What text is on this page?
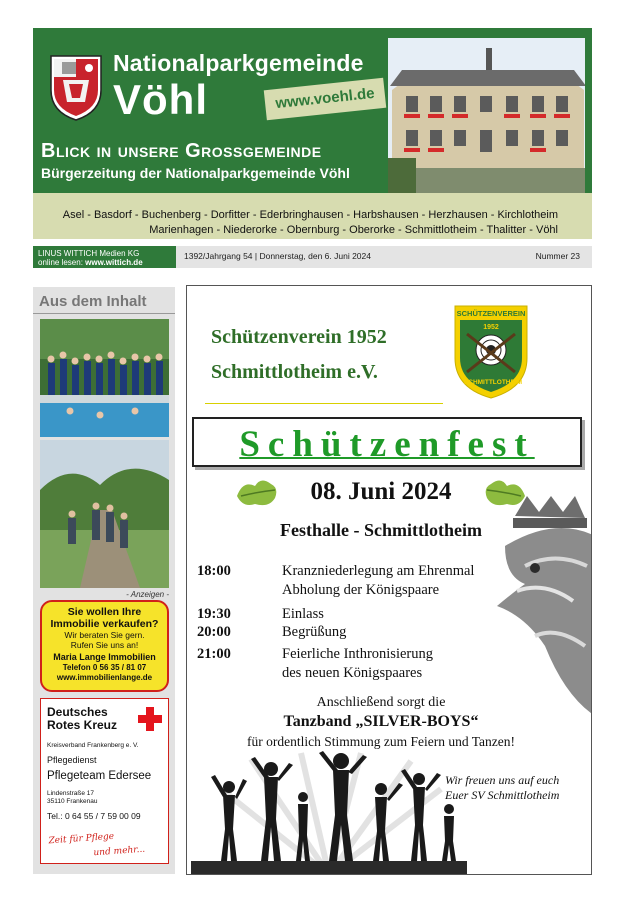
Nationalparkgemeinde
Vöhl	www.voehl.de
Blick in unsere Grossgemeinde
Bürgerzeitung der Nationalparkgemeinde Vöhl
Asel - Basdorf - Buchenberg - Dorfitter - Ederbringhausen - Harbshausen - Herzhausen - Kirchlotheim
Marienhagen - Niederorke - Obernburg - Oberorke - Schmittlotheim - Thalitter - Vöhl
LINUS WITTICH Medien KG
online lesen: www.wittich.de
1392/Jahrgang 54 | Donnerstag, den 6. Juni 2024	Nummer 23
Aus dem Inhalt
- Anzeigen -
Sie wollen Ihre
Immobilie verkaufen?
Wir beraten Sie gern.
Rufen Sie uns an!
Maria Lange Immobilien
Telefon 0 56 35 / 81 07
www.immobilienlange.de
Deutsches
Rotes Kreuz
Kreisverband Frankenberg e. V.
Pflegedienst
Pflegeteam Edersee
Lindenstraße 17
35110 Frankenau
Tel.: 0 64 55 / 7 59 00 09
Zeit für Pflege
und mehr...
Schützenverein 1952
Schmittlotheim e.V.
SCHÜTZENVEREIN
1952
SCHMITTLOTHEIM
Schützenfest
08. Juni 2024
Festhalle - Schmittlotheim
18:00	Kranzniederlegung am Ehrenmal
Abholung der Königspaare
19:30	Einlass
20:00	Begrüßung
21:00	Feierliche Inthronisierung
des neuen Königspaares
Anschließend sorgt die
Tanzband „SILVER-BOYS“
für ordentlich Stimmung zum Feiern und Tanzen!
Wir freuen uns auf euch
Euer SV Schmittlotheim
